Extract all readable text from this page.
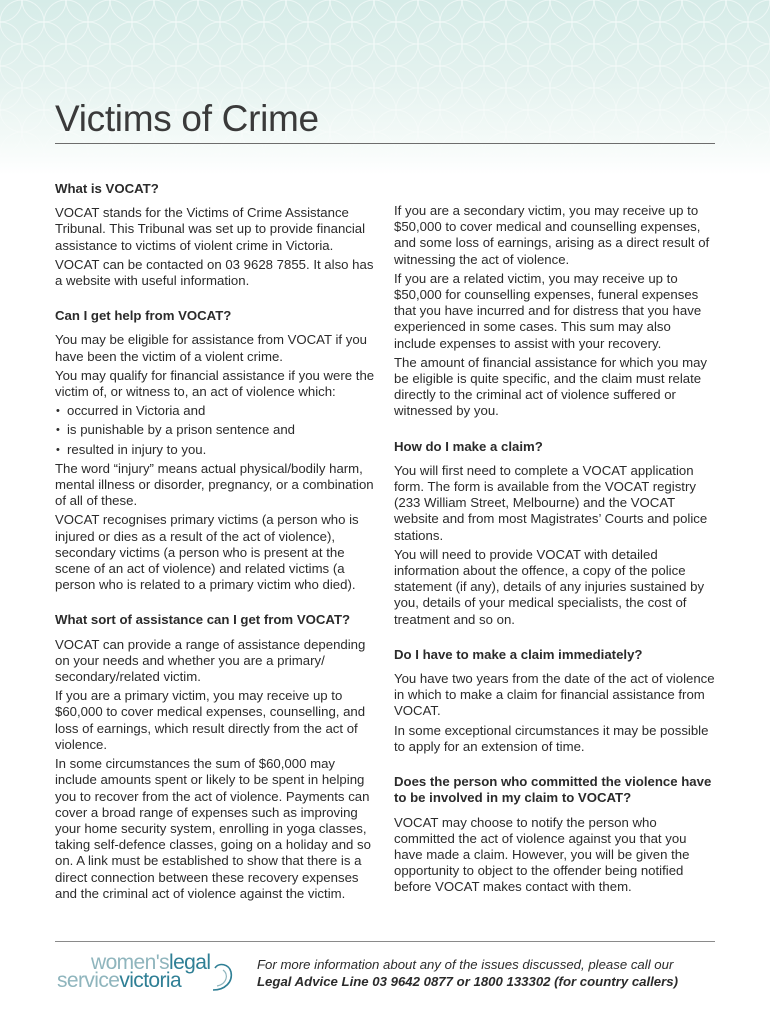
Victims of Crime
What is VOCAT?

VOCAT stands for the Victims of Crime Assistance Tribunal. This Tribunal was set up to provide financial assistance to victims of violent crime in Victoria.

VOCAT can be contacted on 03 9628 7855. It also has a website with useful information.

Can I get help from VOCAT?

You may be eligible for assistance from VOCAT if you have been the victim of a violent crime.

You may qualify for financial assistance if you were the victim of, or witness to, an act of violence which:

• occurred in Victoria and
• is punishable by a prison sentence and
• resulted in injury to you.

The word “injury” means actual physical/bodily harm, mental illness or disorder, pregnancy, or a combination of all of these.

VOCAT recognises primary victims (a person who is injured or dies as a result of the act of violence), secondary victims (a person who is present at the scene of an act of violence) and related victims (a person who is related to a primary victim who died).

What sort of assistance can I get from VOCAT?

VOCAT can provide a range of assistance depending on your needs and whether you are a primary/ secondary/related victim.

If you are a primary victim, you may receive up to $60,000 to cover medical expenses, counselling, and loss of earnings, which result directly from the act of violence.

In some circumstances the sum of $60,000 may include amounts spent or likely to be spent in helping you to recover from the act of violence. Payments can cover a broad range of expenses such as improving your home security system, enrolling in yoga classes, taking self-defence classes, going on a holiday and so on. A link must be established to show that there is a direct connection between these recovery expenses and the criminal act of violence against the victim.

If you are a secondary victim, you may receive up to $50,000 to cover medical and counselling expenses, and some loss of earnings, arising as a direct result of witnessing the act of violence.

If you are a related victim, you may receive up to $50,000 for counselling expenses, funeral expenses that you have incurred and for distress that you have experienced in some cases. This sum may also include expenses to assist with your recovery.

The amount of financial assistance for which you may be eligible is quite specific, and the claim must relate directly to the criminal act of violence suffered or witnessed by you.

How do I make a claim?

You will first need to complete a VOCAT application form. The form is available from the VOCAT registry (233 William Street, Melbourne) and the VOCAT website and from most Magistrates’ Courts and police stations.

You will need to provide VOCAT with detailed information about the offence, a copy of the police statement (if any), details of any injuries sustained by you, details of your medical specialists, the cost of treatment and so on.

Do I have to make a claim immediately?

You have two years from the date of the act of violence in which to make a claim for financial assistance from VOCAT.

In some exceptional circumstances it may be possible to apply for an extension of time.

Does the person who committed the violence have to be involved in my claim to VOCAT?

VOCAT may choose to notify the person who committed the act of violence against you that you have made a claim. However, you will be given the opportunity to object to the offender being notified before VOCAT makes contact with them.

women'slegal
servicevictoria
For more information about any of the issues discussed, please call our
Legal Advice Line 03 9642 0877 or 1800 133302 (for country callers)
